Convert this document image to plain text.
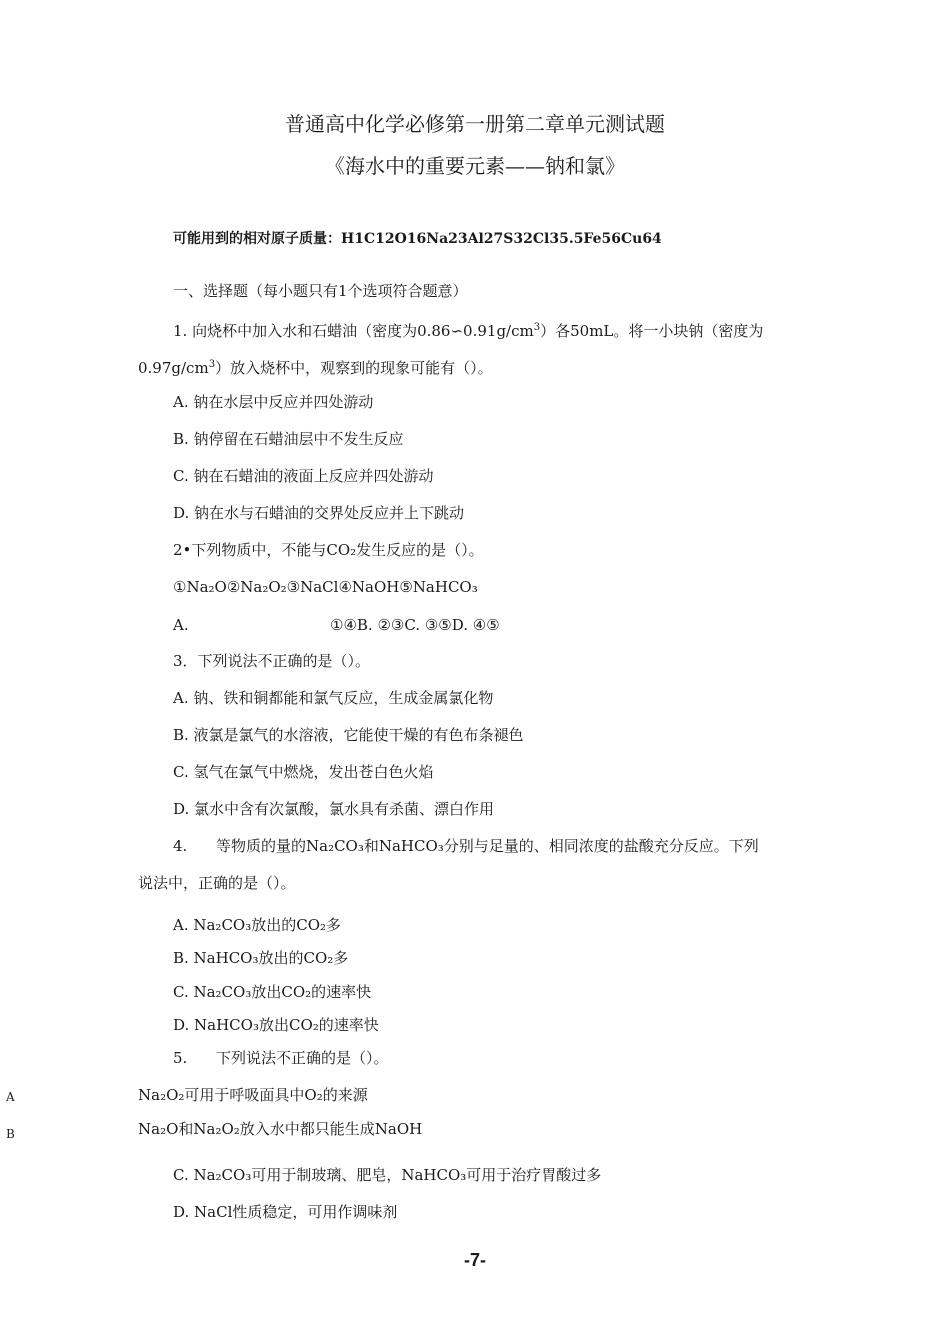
普通高中化学必修第一册第二章单元测试题
《海水中的重要元素——钠和氯》
可能用到的相对原子质量：H1C12O16Na23Al27S32Cl35.5Fe56Cu64
一、选择题（每小题只有1个选项符合题意）
1. 向烧杯中加入水和石蜡油（密度为$0.86∽0.91g/cm^3$）各50mL。将一小块钠（密度为
$0.97g/cm^3$）放入烧杯中，观察到的现象可能有（）。
A. 钠在水层中反应并四处游动
B. 钠停留在石蜡油层中不发生反应
C. 钠在石蜡油的液面上反应并四处游动
D. 钠在水与石蜡油的交界处反应并上下跳动
2•下列物质中，不能与CO₂发生反应的是（）。
①Na₂O②Na₂O₂③NaCl④NaOH⑤NaHCO₃
A.	①④B. ②③C. ③⑤D. ④⑤
3．下列说法不正确的是（）。
A. 钠、铁和铜都能和氯气反应，生成金属氯化物
B. 液氯是氯气的水溶液，它能使干燥的有色布条褪色
C. 氢气在氯气中燃烧，发出苍白色火焰
D. 氯水中含有次氯酸，氯水具有杀菌、漂白作用
4. 等物质的量的Na₂CO₃和NaHCO₃分别与足量的、相同浓度的盐酸充分反应。下列
说法中，正确的是（）。
A. Na₂CO₃放出的CO₂多
B. NaHCO₃放出的CO₂多
C. Na₂CO₃放出CO₂的速率快
D. NaHCO₃放出CO₂的速率快
5. 下列说法不正确的是（）。
A	Na₂O₂可用于呼吸面具中O₂的来源
B	Na₂O和Na₂O₂放入水中都只能生成NaOH
C. Na₂CO₃可用于制玻璃、肥皂，NaHCO₃可用于治疗胃酸过多
D. NaCl性质稳定，可用作调味剂
-7-
